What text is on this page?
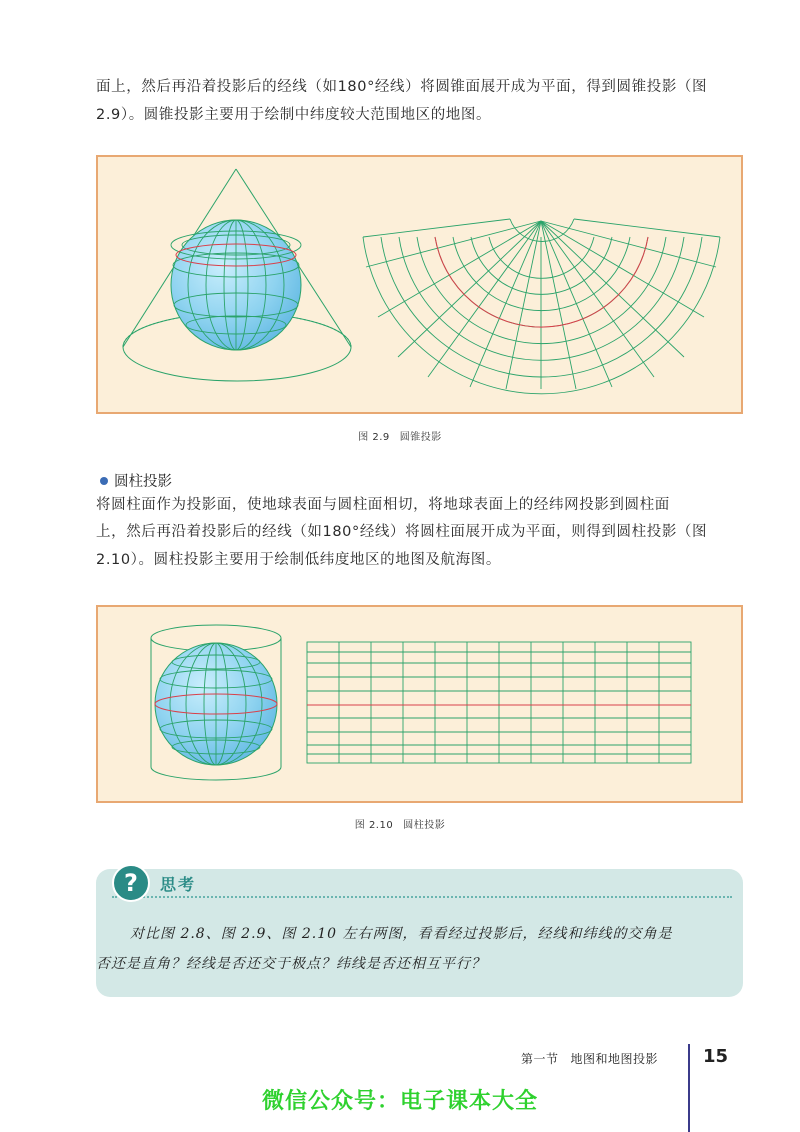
面上，然后再沿着投影后的经线（如180°经线）将圆锥面展开成为平面，得到圆锥投影（图

2.9）。圆锥投影主要用于绘制中纬度较大范围地区的地图。

图 2.9 圆锥投影
圆柱投影

将圆柱面作为投影面，使地球表面与圆柱面相切，将地球表面上的经纬网投影到圆柱面

上，然后再沿着投影后的经线（如180°经线）将圆柱面展开成为平面，则得到圆柱投影（图

2.10）。圆柱投影主要用于绘制低纬度地区的地图及航海图。

图 2.10 圆柱投影
? 思考

对比图 2.8、图 2.9、图 2.10 左右两图，看看经过投影后，经线和纬线的交角是

否还是直角？经线是否还交于极点？纬线是否还相互平行？

第一节 地图和地图投影	15
微信公众号：电子课本大全
